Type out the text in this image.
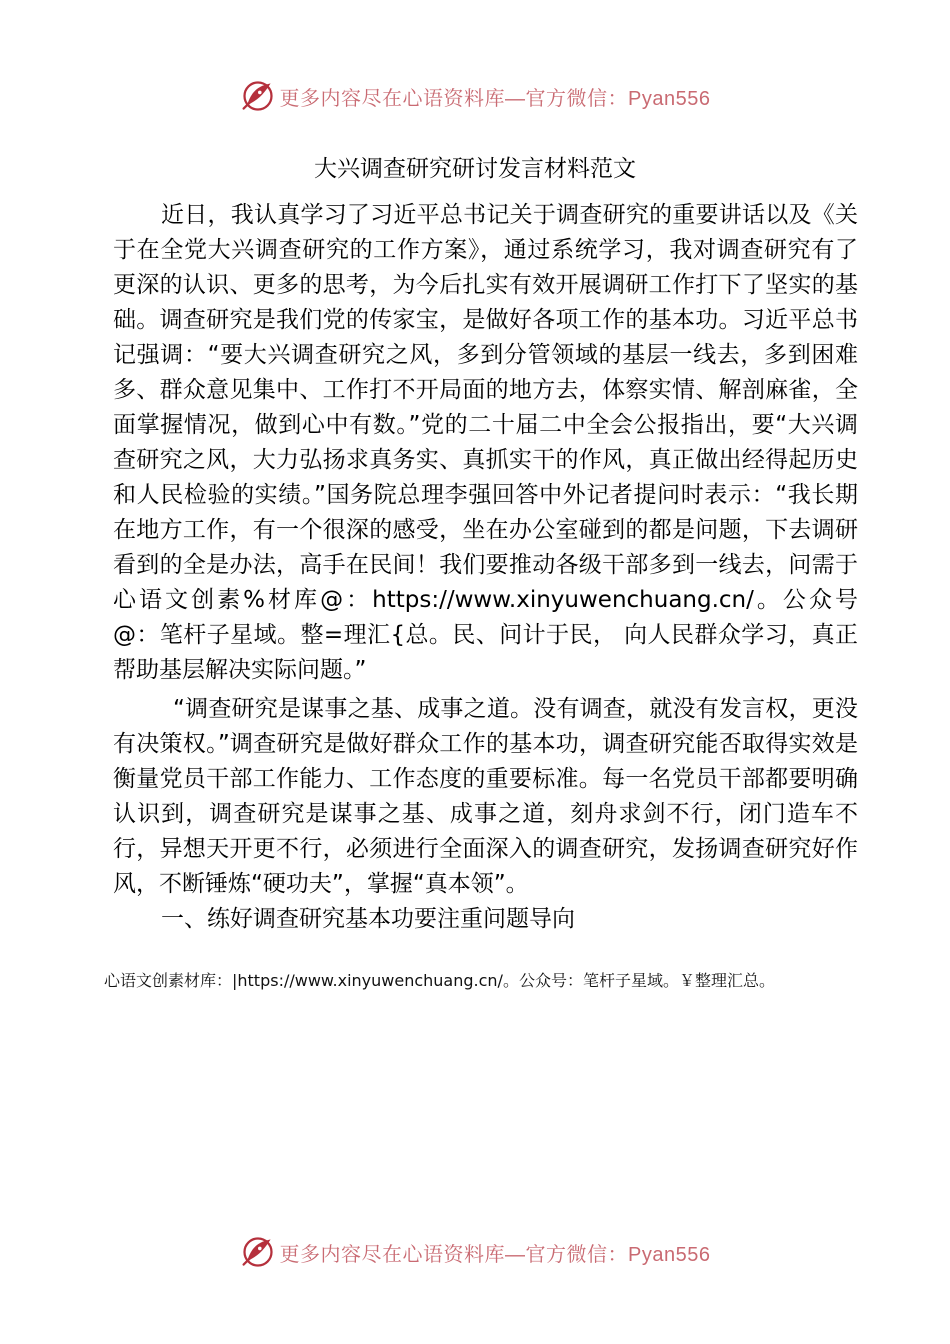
更多内容尽在心语资料库—官方微信：Pyan556
大兴调查研究研讨发言材料范文

近日，我认真学习了习近平总书记关于调查研究的重要讲话以及《关于在全党大兴调查研究的工作方案》，通过系统学习，我对调查研究有了更深的认识、更多的思考，为今后扎实有效开展调研工作打下了坚实的基础。调查研究是我们党的传家宝，是做好各项工作的基本功。习近平总书记强调：“要大兴调查研究之风，多到分管领域的基层一线去，多到困难多、群众意见集中、工作打不开局面的地方去，体察实情、解剖麻雀，全面掌握情况，做到心中有数。”党的二十届二中全会公报指出，要“大兴调查研究之风，大力弘扬求真务实、真抓实干的作风，真正做出经得起历史和人民检验的实绩。”国务院总理李强回答中外记者提问时表示：“我长期在地方工作，有一个很深的感受，坐在办公室碰到的都是问题，下去调研看到的全是办法，高手在民间！我们要推动各级干部多到一线去，问需于心语文创素%材库@：https://www.xinyuwenchuang.cn/。公众号@：笔杆子星域。整=理汇{总。民、问计于民， 向人民群众学习，真正帮助基层解决实际问题。”

“调查研究是谋事之基、成事之道。没有调查，就没有发言权，更没有决策权。”调查研究是做好群众工作的基本功，调查研究能否取得实效是衡量党员干部工作能力、工作态度的重要标准。每一名党员干部都要明确认识到，调查研究是谋事之基、成事之道，刻舟求剑不行，闭门造车不行，异想天开更不行，必须进行全面深入的调查研究，发扬调查研究好作风，不断锤炼“硬功夫”，掌握“真本领”。

一、练好调查研究基本功要注重问题导向

心语文创素材库：|https://www.xinyuwenchuang.cn/。公众号：笔杆子星域。￥整理汇总。
更多内容尽在心语资料库—官方微信：Pyan556
